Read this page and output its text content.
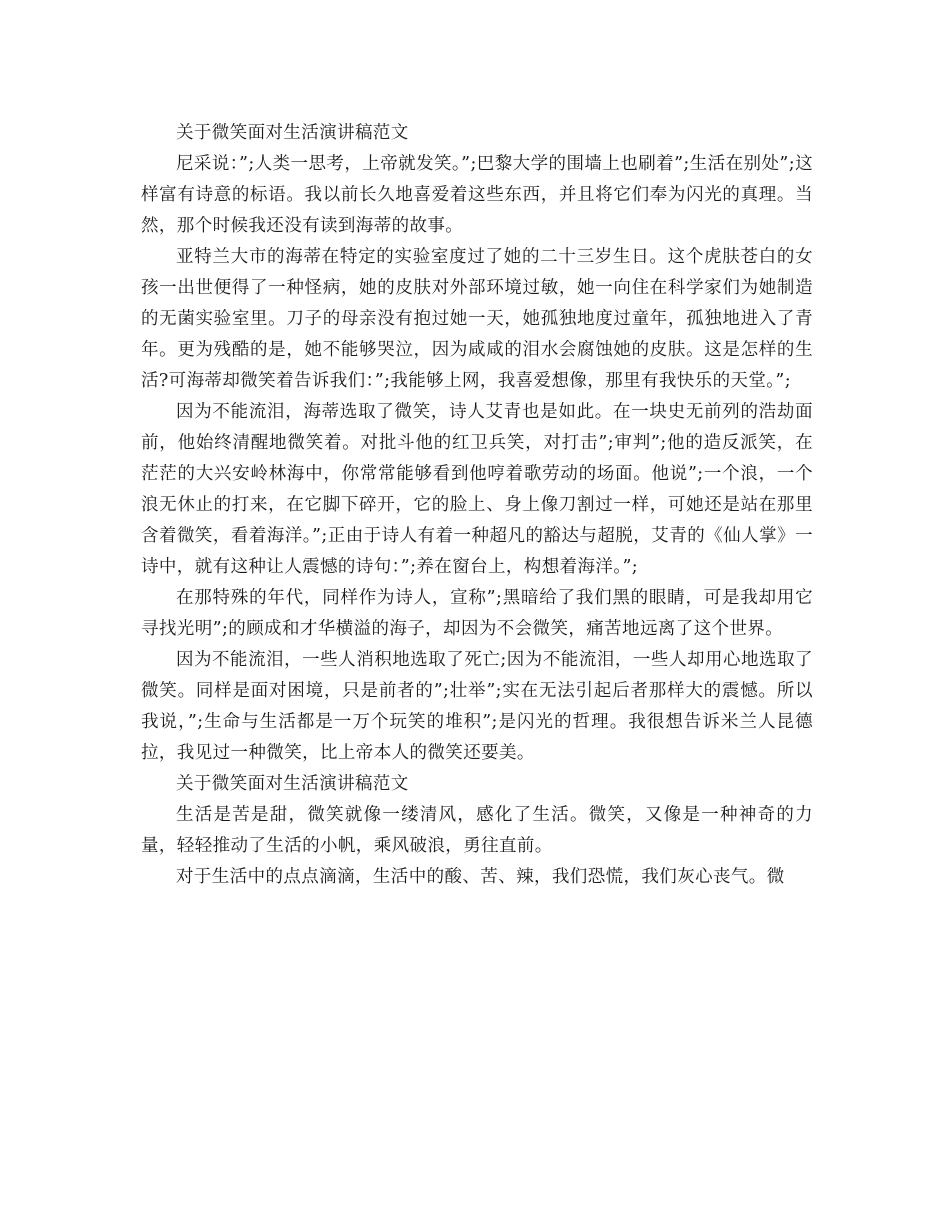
关于微笑面对生活演讲稿范文

尼采说：”;人类一思考，上帝就发笑。”;巴黎大学的围墙上也刷着”;生活在别处”;这样富有诗意的标语。我以前长久地喜爱着这些东西，并且将它们奉为闪光的真理。当然，那个时候我还没有读到海蒂的故事。

亚特兰大市的海蒂在特定的实验室度过了她的二十三岁生日。这个虎肤苍白的女孩一出世便得了一种怪病，她的皮肤对外部环境过敏，她一向住在科学家们为她制造的无菌实验室里。刀子的母亲没有抱过她一天，她孤独地度过童年，孤独地进入了青年。更为残酷的是，她不能够哭泣，因为咸咸的泪水会腐蚀她的皮肤。这是怎样的生活?可海蒂却微笑着告诉我们：”;我能够上网，我喜爱想像，那里有我快乐的天堂。”;

因为不能流泪，海蒂选取了微笑，诗人艾青也是如此。在一块史无前列的浩劫面前，他始终清醒地微笑着。对批斗他的红卫兵笑，对打击”;审判”;他的造反派笑，在茫茫的大兴安岭林海中，你常常能够看到他哼着歌劳动的场面。他说”;一个浪，一个浪无休止的打来，在它脚下碎开，它的脸上、身上像刀割过一样，可她还是站在那里含着微笑，看着海洋。”;正由于诗人有着一种超凡的豁达与超脱，艾青的《仙人掌》一诗中，就有这种让人震憾的诗句：”;养在窗台上，构想着海洋。”;

在那特殊的年代，同样作为诗人，宣称”;黑暗给了我们黑的眼睛，可是我却用它寻找光明”;的顾成和才华横溢的海子，却因为不会微笑，痛苦地远离了这个世界。

因为不能流泪，一些人消积地选取了死亡;因为不能流泪，一些人却用心地选取了微笑。同样是面对困境，只是前者的”;壮举”;实在无法引起后者那样大的震憾。所以我说，”;生命与生活都是一万个玩笑的堆积”;是闪光的哲理。我很想告诉米兰人昆德拉，我见过一种微笑，比上帝本人的微笑还要美。

关于微笑面对生活演讲稿范文

生活是苦是甜，微笑就像一缕清风，感化了生活。微笑，又像是一种神奇的力量，轻轻推动了生活的小帆，乘风破浪，勇往直前。

对于生活中的点点滴滴，生活中的酸、苦、辣，我们恐慌，我们灰心丧气。微
